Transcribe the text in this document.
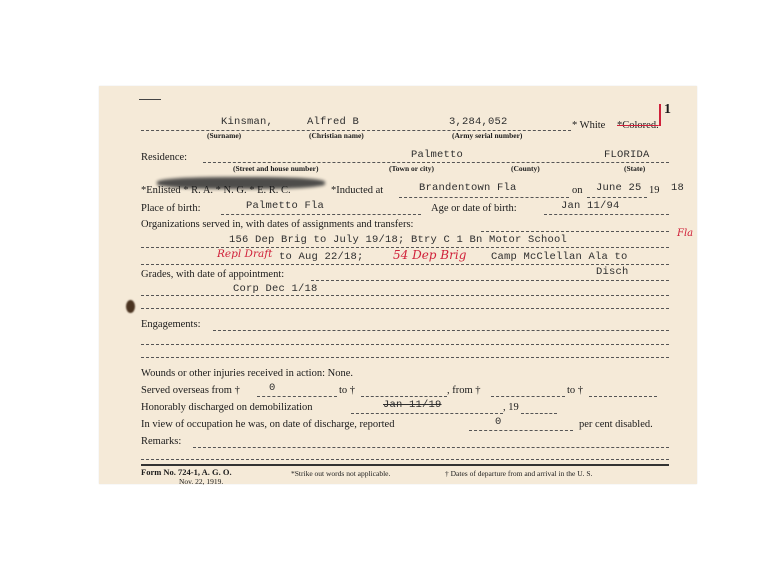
1
Kinsman,	Alfred B	3,284,052	* White *Colored.
(Surname)	(Christian name)	(Army serial number)
Residence:	Palmetto	FLORIDA
(Street and house number)	(Town or city)	(County)	(State)
*Enlisted * R. A. * N. G. * E. R. C.	*Inducted at	Brandentown Fla	on June 25 19 18
Place of birth:	Palmetto Fla	Age or date of birth:	Jan 11/94
Organizations served in, with dates of assignments and transfers:
156 Dep Brig to July 19/18; Btry C 1 Bn Motor School
Fla
Repl Draft to Aug 22/18; 54 Dep Brig Camp McClellan Ala to
Grades, with date of appointment:	Disch
Corp Dec 1/18
Engagements:
Wounds or other injuries received in action: None.
Served overseas from †	0	to †	, from †	to †
Honorably discharged on demobilization	Jan 11/19	, 19
In view of occupation he was, on date of discharge, reported	0	per cent disabled.
Remarks:
Form No. 724-1, A. G. O.
Nov. 22, 1919.
*Strike out words not applicable.	† Dates of departure from and arrival in the U. S.
